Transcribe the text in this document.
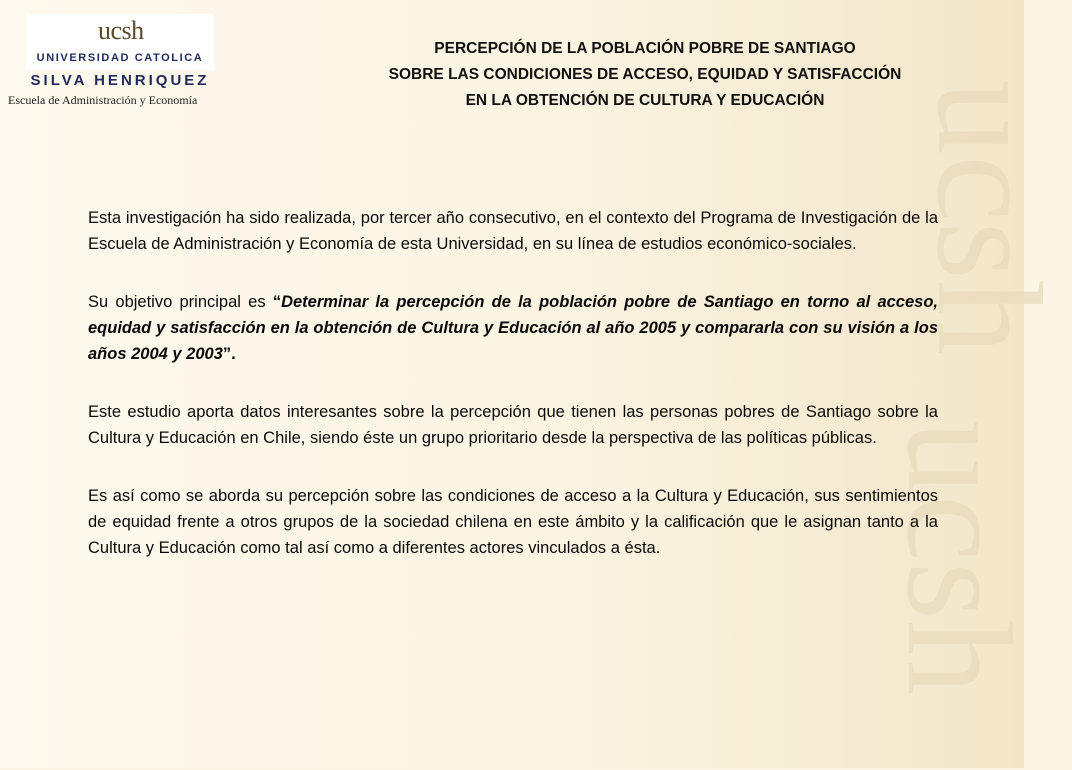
ucsh
ucsh
ucsh
UNIVERSIDAD CATOLICA
SILVA HENRIQUEZ
Escuela de Administración y Economía
PERCEPCIÓN DE LA POBLACIÓN POBRE DE SANTIAGO
SOBRE LAS CONDICIONES DE ACCESO, EQUIDAD Y SATISFACCIÓN
EN LA OBTENCIÓN DE CULTURA Y EDUCACIÓN

Esta investigación ha sido realizada, por tercer año consecutivo, en el contexto del Programa de Investigación de la Escuela de Administración y Economía de esta Universidad, en su línea de estudios económico-sociales.

Su objetivo principal es “Determinar la percepción de la población pobre de Santiago en torno al acceso, equidad y satisfacción en la obtención de Cultura y Educación al año 2005 y compararla con su visión a los años 2004 y 2003”.

Este estudio aporta datos interesantes sobre la percepción que tienen las personas pobres de Santiago sobre la Cultura y Educación en Chile, siendo éste un grupo prioritario desde la perspectiva de las políticas públicas.

Es así como se aborda su percepción sobre las condiciones de acceso a la Cultura y Educación, sus sentimientos de equidad frente a otros grupos de la sociedad chilena en este ámbito y la calificación que le asignan tanto a la Cultura y Educación como tal así como a diferentes actores vinculados a ésta.
